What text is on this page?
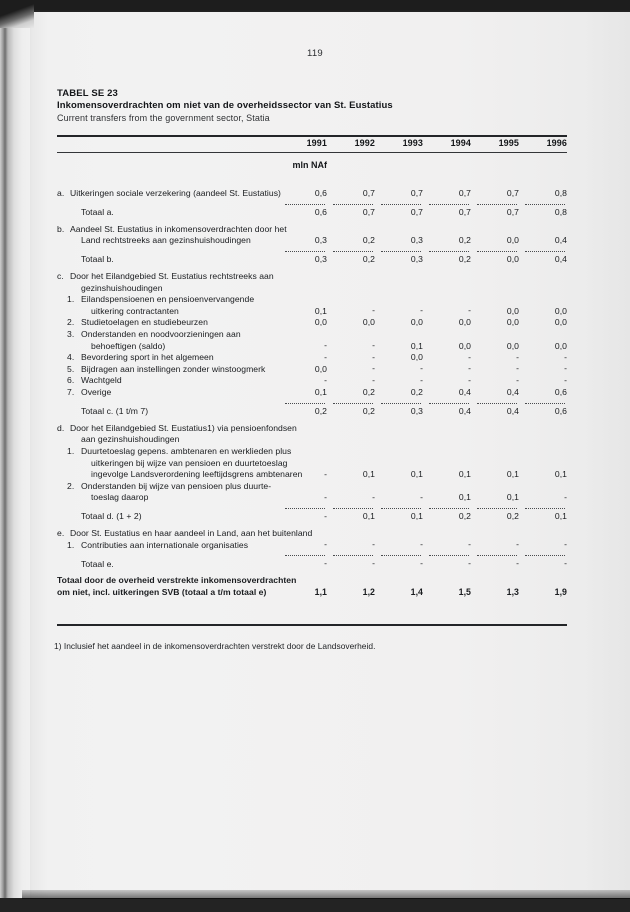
119
TABEL SE 23
Inkomensoverdrachten om niet van de overheidssector van St. Eustatius
Current transfers from the government sector, Statia
1991	1992	1993	1994	1995	1996
mln NAf
a. Uitkeringen sociale verzekering (aandeel St. Eustatius)	0,6	0,7	0,7	0,7	0,7	0,8
Totaal a.	0,6	0,7	0,7	0,7	0,7	0,8
b. Aandeel St. Eustatius in inkomensoverdrachten door het
Land rechtstreeks aan gezinshuishoudingen	0,3	0,2	0,3	0,2	0,0	0,4
Totaal b.	0,3	0,2	0,3	0,2	0,0	0,4
c. Door het Eilandgebied St. Eustatius rechtstreeks aan
gezinshuishoudingen
1. Eilandspensioenen en pensioenvervangende
uitkering contractanten	0,1	-	-	-	0,0	0,0
2. Studietoelagen en studiebeurzen	0,0	0,0	0,0	0,0	0,0	0,0
3. Onderstanden en noodvoorzieningen aan
behoeftigen (saldo)	-	-	0,1	0,0	0,0	0,0
4. Bevordering sport in het algemeen	-	-	0,0	-	-	-
5. Bijdragen aan instellingen zonder winstoogmerk	0,0	-	-	-	-	-
6. Wachtgeld	-	-	-	-	-	-
7. Overige	0,1	0,2	0,2	0,4	0,4	0,6
Totaal c. (1 t/m 7)	0,2	0,2	0,3	0,4	0,4	0,6
d. Door het Eilandgebied St. Eustatius1) via pensioenfondsen
aan gezinshuishoudingen
1. Duurtetoeslag gepens. ambtenaren en werklieden plus
uitkeringen bij wijze van pensioen en duurtetoeslag
ingevolge Landsverordening leeftijdsgrens ambtenaren	-	0,1	0,1	0,1	0,1	0,1
2. Onderstanden bij wijze van pensioen plus duurte-
toeslag daarop	-	-	-	0,1	0,1	-
Totaal d. (1 + 2)	-	0,1	0,1	0,2	0,2	0,1
e. Door St. Eustatius en haar aandeel in Land, aan het buitenland
1. Contributies aan internationale organisaties	-	-	-	-	-	-
Totaal e.	-	-	-	-	-	-
Totaal door de overheid verstrekte inkomensoverdrachten
om niet, incl. uitkeringen SVB (totaal a t/m totaal e)	1,1	1,2	1,4	1,5	1,3	1,9
1) Inclusief het aandeel in de inkomensoverdrachten verstrekt door de Landsoverheid.
